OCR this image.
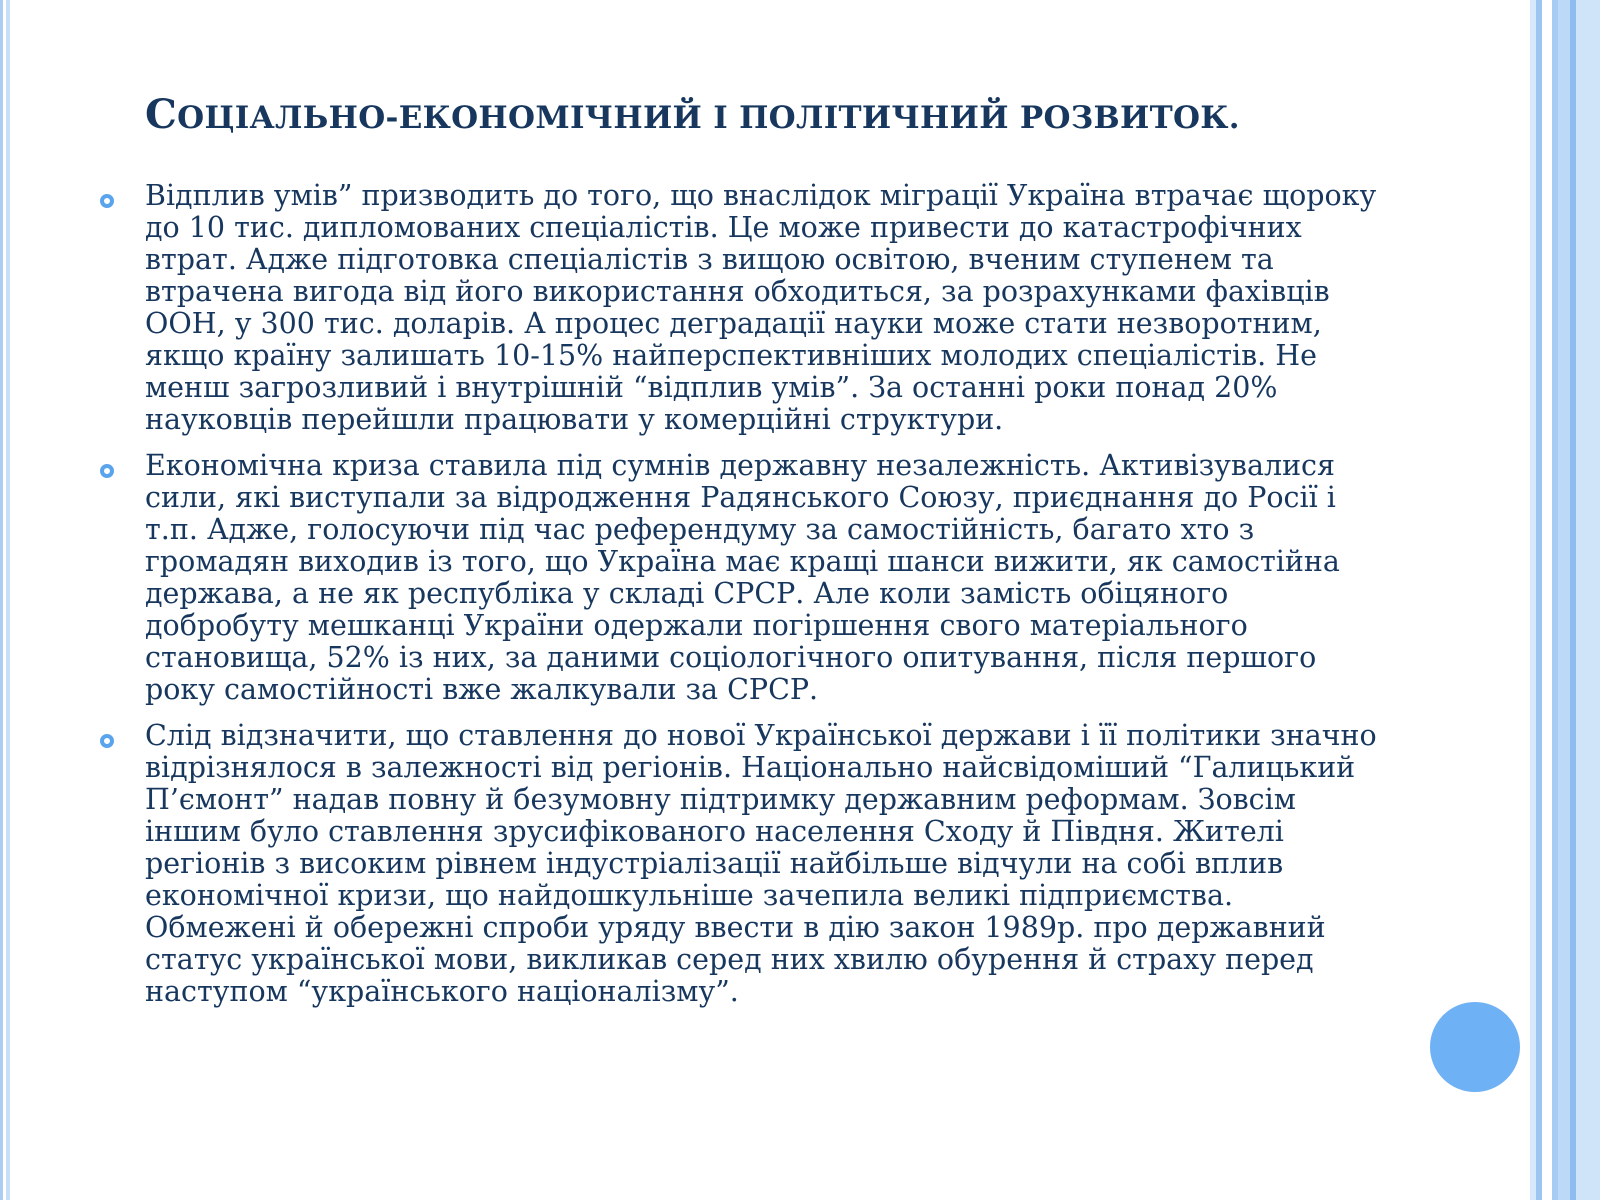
СОЦІАЛЬНО-ЕКОНОМІЧНИЙ І ПОЛІТИЧНИЙ РОЗВИТОК.

Відплив умів” призводить до того, що внаслідок міграції Україна втрачає щороку до 10 тис. дипломованих спеціалістів. Це може привести до катастрофічних втрат. Адже підготовка спеціалістів з вищою освітою, вченим ступенем та втрачена вигода від його використання обходиться, за розрахунками фахівців ООН, у 300 тис. доларів. А процес деградації науки може стати незворотним, якщо країну залишать 10-15% найперспективніших молодих спеціалістів. Не менш загрозливий і внутрішній “відплив умів”. За останні роки понад 20% науковців перейшли працювати у комерційні структури.

Економічна криза ставила під сумнів державну незалежність. Активізувалися сили, які виступали за відродження Радянського Союзу, приєднання до Росії і т.п. Адже, голосуючи під час референдуму за самостійність, багато хто з громадян виходив із того, що Україна має кращі шанси вижити, як самостійна держава, а не як республіка у складі СРСР. Але коли замість обіцяного добробуту мешканці України одержали погіршення свого матеріального становища, 52% із них, за даними соціологічного опитування, після першого року самостійності вже жалкували за СРСР.

Слід відзначити, що ставлення до нової Української держави і її політики значно відрізнялося в залежності від регіонів. Національно найсвідоміший “Галицький П’ємонт” надав повну й безумовну підтримку державним реформам. Зовсім іншим було ставлення зрусифікованого населення Сходу й Півдня. Жителі регіонів з високим рівнем індустріалізації найбільше відчули на собі вплив економічної кризи, що найдошкульніше зачепила великі підприємства. Обмежені й обережні спроби уряду ввести в дію закон 1989р. про державний статус української мови, викликав серед них хвилю обурення й страху перед наступом “українського націоналізму”.
